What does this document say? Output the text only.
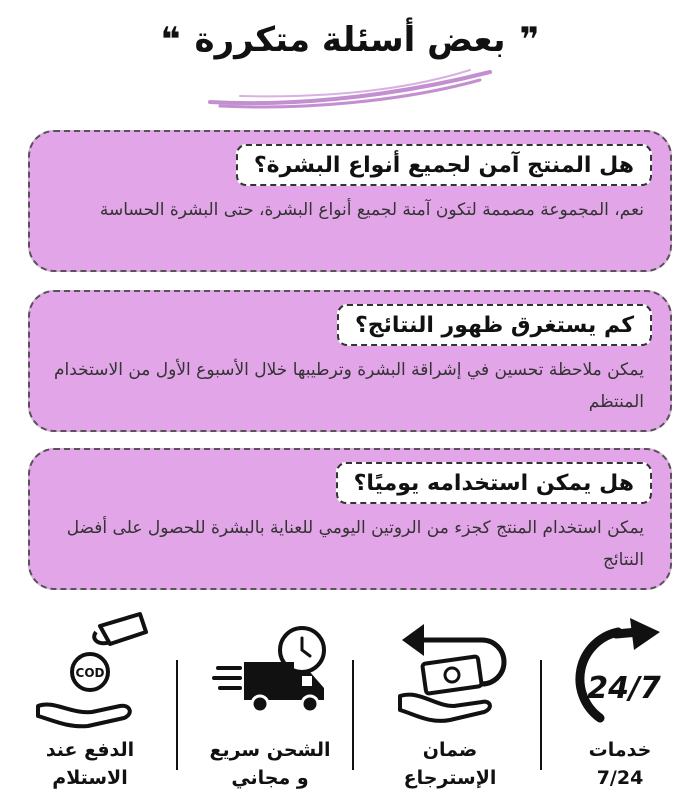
❞
بعض أسئلة متكررة
❝
هل المنتج آمن لجميع أنواع البشرة؟
نعم، المجموعة مصممة لتكون آمنة لجميع أنواع البشرة، حتى البشرة الحساسة
كم يستغرق ظهور النتائج؟
يمكن ملاحظة تحسين في إشراقة البشرة وترطيبها خلال الأسبوع الأول من الاستخدام المنتظم
هل يمكن استخدامه يوميًا؟
يمكن استخدام المنتج كجزء من الروتين اليومي للعناية بالبشرة للحصول على أفضل النتائج
24/7
خدمات
7/24
ضمان
الإسترجاع
الشحن سريع
و مجاني
COD
الدفع عند
الاستلام
